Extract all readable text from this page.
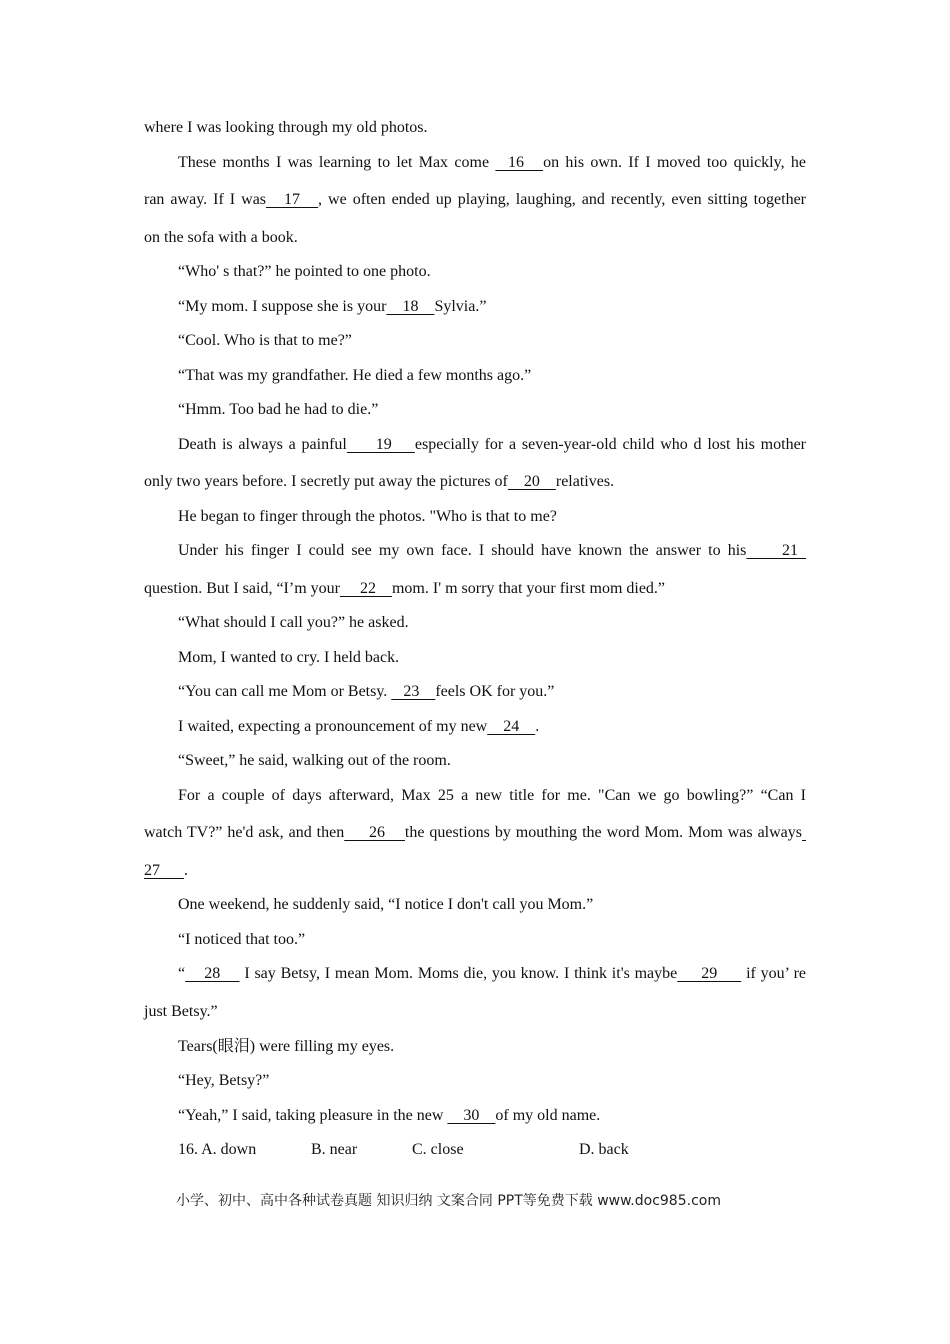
where I was looking through my old photos.
These months I was learning to let Max come   16   on his own. If I moved too quickly, he
ran away. If I was   17   , we often ended up playing, laughing, and recently, even sitting together
on the sofa with a book.
“Who' s that?” he pointed to one photo.
“My mom. I suppose she is your    18    Sylvia.”
“Cool. Who is that to me?”
“That was my grandfather. He died a few months ago.”
“Hmm. Too bad he had to die.”
Death is always a painful     19    especially for a seven-year-old child who d lost his mother
only two years before. I secretly put away the pictures of    20    relatives.
He began to finger through the photos. "Who is that to me?
Under his finger I could see my own face. I should have known the answer to his     21
question. But I said, “I’m your     22    mom. I' m sorry that your first mom died.”
“What should I call you?” he asked.
Mom, I wanted to cry. I held back.
“You can call me Mom or Betsy.    23    feels OK for you.”
I waited, expecting a pronouncement of my new    24    .
“Sweet,” he said, walking out of the room.
For a couple of days afterward, Max 25 a new title for me. "Can we go bowling?” “Can I
watch TV?” he'd ask, and then     26    the questions by mouthing the word Mom. Mom was always
27      .
One weekend, he suddenly said, “I notice I don't call you Mom.”
“I noticed that too.”
“    28     I say Betsy, I mean Mom. Moms die, you know. I think it's maybe     29      if you’ re
just Betsy.”
Tears(眼泪) were filling my eyes.
“Hey, Betsy?”
“Yeah,” I said, taking pleasure in the new     30    of my old name.
16. A. down	B. near	C. close	D. back
小学、初中、高中各种试卷真题 知识归纳 文案合同 PPT等免费下载 www.doc985.com
